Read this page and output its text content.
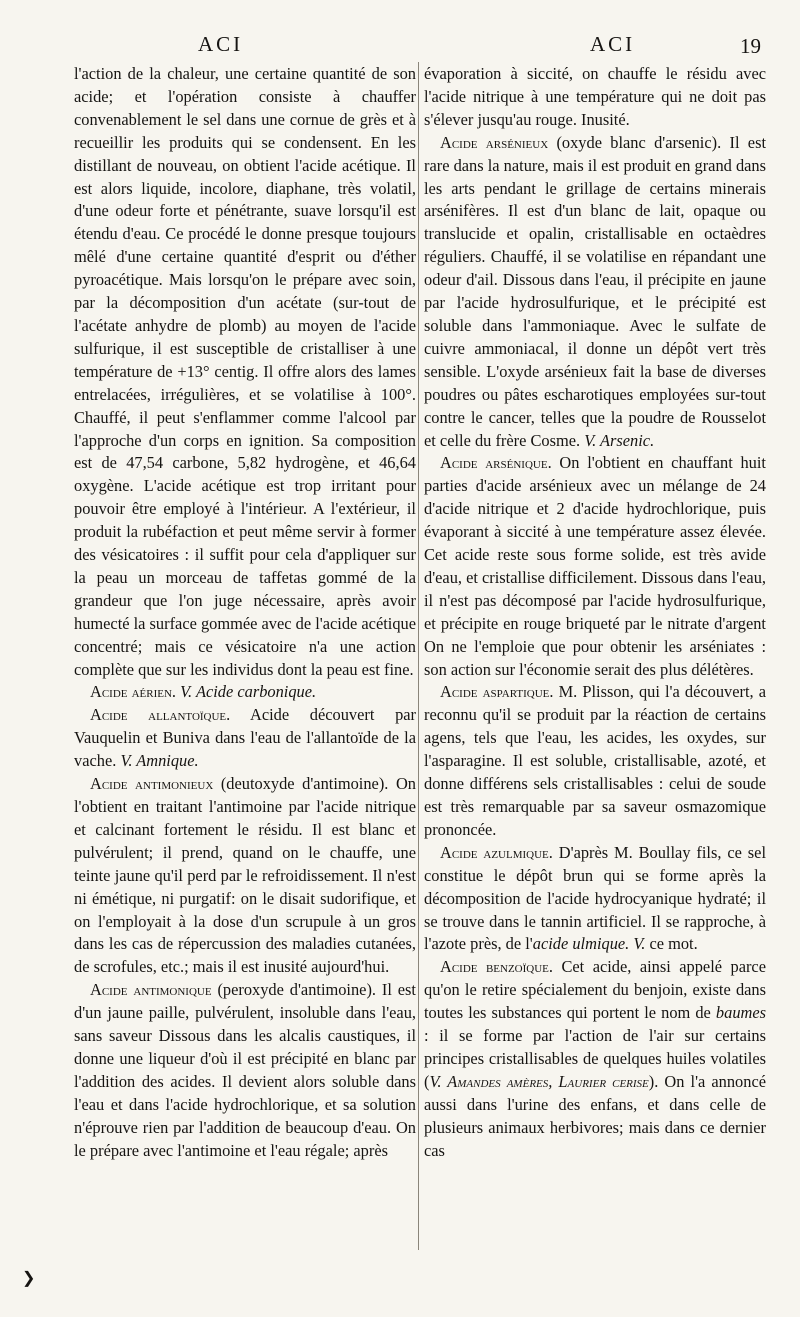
ACI	ACI	19

l'action de la chaleur, une certaine quantité de son acide; et l'opération consiste à chauffer convenablement le sel dans une cornue de grès et à recueillir les produits qui se condensent. En les distillant de nouveau, on obtient l'acide acétique. Il est alors liquide, incolore, diaphane, très volatil, d'une odeur forte et pénétrante, suave lorsqu'il est étendu d'eau. Ce procédé le donne presque toujours mêlé d'une certaine quantité d'esprit ou d'éther pyroacétique. Mais lorsqu'on le prépare avec soin, par la décomposition d'un acétate (sur-tout de l'acétate anhydre de plomb) au moyen de l'acide sulfurique, il est susceptible de cristalliser à une température de +13° centig. Il offre alors des lames entrelacées, irrégulières, et se volatilise à 100°. Chauffé, il peut s'enflammer comme l'alcool par l'approche d'un corps en ignition. Sa composition est de 47,54 carbone, 5,82 hydrogène, et 46,64 oxygène. L'acide acétique est trop irritant pour pouvoir être employé à l'intérieur. A l'extérieur, il produit la rubéfaction et peut même servir à former des vésicatoires : il suffit pour cela d'appliquer sur la peau un morceau de taffetas gommé de la grandeur que l'on juge nécessaire, après avoir humecté la surface gommée avec de l'acide acétique concentré; mais ce vésicatoire n'a une action complète que sur les individus dont la peau est fine.

Acide aérien. V. Acide carbonique.

Acide allantoïque. Acide découvert par Vauquelin et Buniva dans l'eau de l'allantoïde de la vache. V. Amnique.

Acide antimonieux (deutoxyde d'antimoine). On l'obtient en traitant l'antimoine par l'acide nitrique et calcinant fortement le résidu. Il est blanc et pulvérulent; il prend, quand on le chauffe, une teinte jaune qu'il perd par le refroidissement. Il n'est ni émétique, ni purgatif: on le disait sudorifique, et on l'employait à la dose d'un scrupule à un gros dans les cas de répercussion des maladies cutanées, de scrofules, etc.; mais il est inusité aujourd'hui.

Acide antimonique (peroxyde d'antimoine). Il est d'un jaune paille, pulvérulent, insoluble dans l'eau, sans saveur Dissous dans les alcalis caustiques, il donne une liqueur d'où il est précipité en blanc par l'addition des acides. Il devient alors soluble dans l'eau et dans l'acide hydrochlorique, et sa solution n'éprouve rien par l'addition de beaucoup d'eau. On le prépare avec l'antimoine et l'eau régale; après

évaporation à siccité, on chauffe le résidu avec l'acide nitrique à une température qui ne doit pas s'élever jusqu'au rouge. Inusité.

Acide arsénieux (oxyde blanc d'arsenic). Il est rare dans la nature, mais il est produit en grand dans les arts pendant le grillage de certains minerais arsénifères. Il est d'un blanc de lait, opaque ou translucide et opalin, cristallisable en octaèdres réguliers. Chauffé, il se volatilise en répandant une odeur d'ail. Dissous dans l'eau, il précipite en jaune par l'acide hydrosulfurique, et le précipité est soluble dans l'ammoniaque. Avec le sulfate de cuivre ammoniacal, il donne un dépôt vert très sensible. L'oxyde arsénieux fait la base de diverses poudres ou pâtes escharotiques employées sur-tout contre le cancer, telles que la poudre de Rousselot et celle du frère Cosme. V. Arsenic.

Acide arsénique. On l'obtient en chauffant huit parties d'acide arsénieux avec un mélange de 24 d'acide nitrique et 2 d'acide hydrochlorique, puis évaporant à siccité à une température assez élevée. Cet acide reste sous forme solide, est très avide d'eau, et cristallise difficilement. Dissous dans l'eau, il n'est pas décomposé par l'acide hydrosulfurique, et précipite en rouge briqueté par le nitrate d'argent On ne l'emploie que pour obtenir les arséniates : son action sur l'économie serait des plus délétères.

Acide aspartique. M. Plisson, qui l'a découvert, a reconnu qu'il se produit par la réaction de certains agens, tels que l'eau, les acides, les oxydes, sur l'asparagine. Il est soluble, cristallisable, azoté, et donne différens sels cristallisables : celui de soude est très remarquable par sa saveur osmazomique prononcée.

Acide azulmique. D'après M. Boullay fils, ce sel constitue le dépôt brun qui se forme après la décomposition de l'acide hydrocyanique hydraté; il se trouve dans le tannin artificiel. Il se rapproche, à l'azote près, de l'acide ulmique. V. ce mot.

Acide benzoïque. Cet acide, ainsi appelé parce qu'on le retire spécialement du benjoin, existe dans toutes les substances qui portent le nom de baumes : il se forme par l'action de l'air sur certains principes cristallisables de quelques huiles volatiles (V. Amandes amères, Laurier cerise). On l'a annoncé aussi dans l'urine des enfans, et dans celle de plusieurs animaux herbivores; mais dans ce dernier cas

❯
